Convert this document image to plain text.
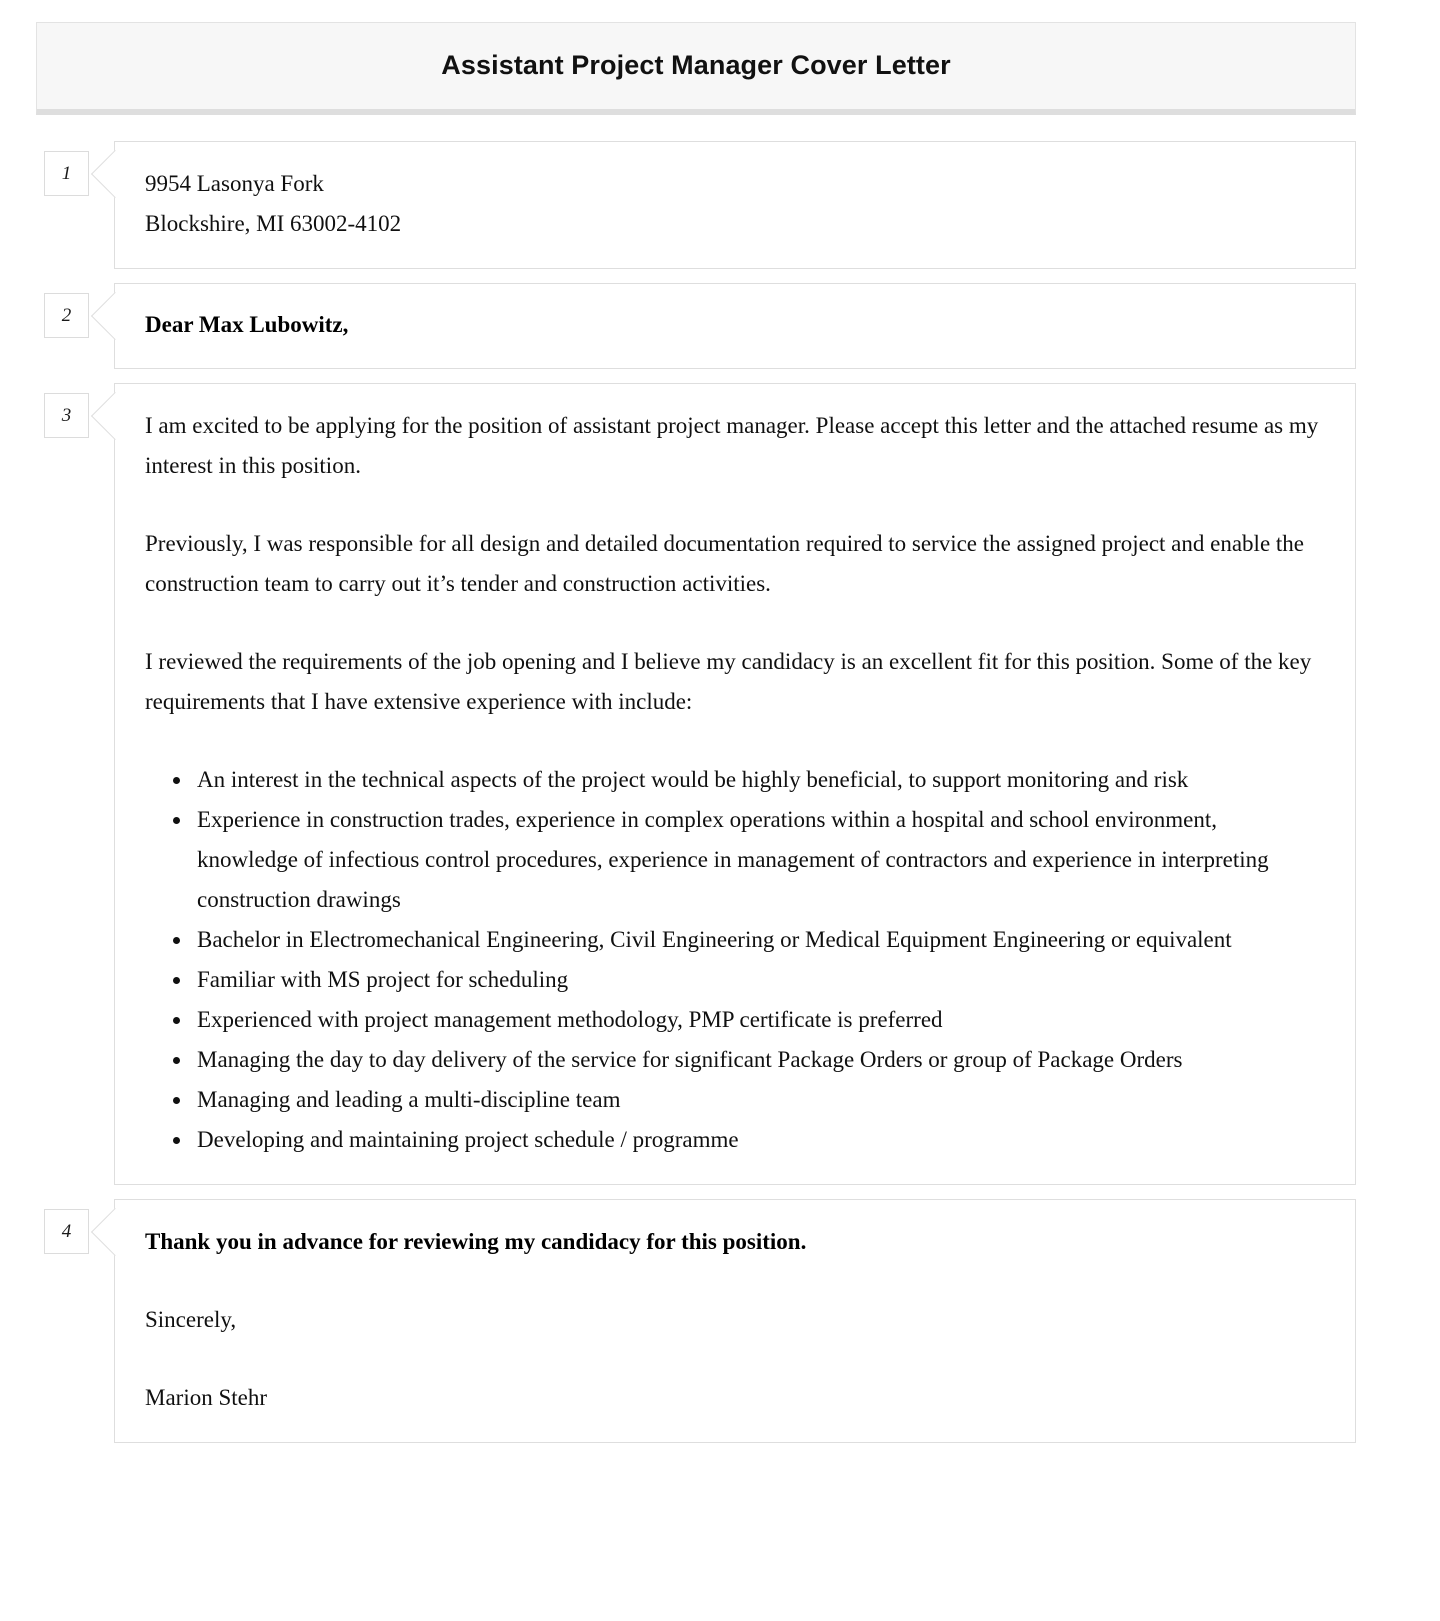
Assistant Project Manager Cover Letter
1	9954 Lasonya Fork
Blockshire, MI 63002-4102
2	Dear Max Lubowitz,
3	I am excited to be applying for the position of assistant project manager. Please accept this letter and the attached resume as my interest in this position.

Previously, I was responsible for all design and detailed documentation required to service the assigned project and enable the construction team to carry out it’s tender and construction activities.

I reviewed the requirements of the job opening and I believe my candidacy is an excellent fit for this position. Some of the key requirements that I have extensive experience with include:

• An interest in the technical aspects of the project would be highly beneficial, to support monitoring and risk
• Experience in construction trades, experience in complex operations within a hospital and school environment, knowledge of infectious control procedures, experience in management of contractors and experience in interpreting construction drawings
• Bachelor in Electromechanical Engineering, Civil Engineering or Medical Equipment Engineering or equivalent
• Familiar with MS project for scheduling
• Experienced with project management methodology, PMP certificate is preferred
• Managing the day to day delivery of the service for significant Package Orders or group of Package Orders
• Managing and leading a multi-discipline team
• Developing and maintaining project schedule / programme
4	Thank you in advance for reviewing my candidacy for this position.

Sincerely,

Marion Stehr
